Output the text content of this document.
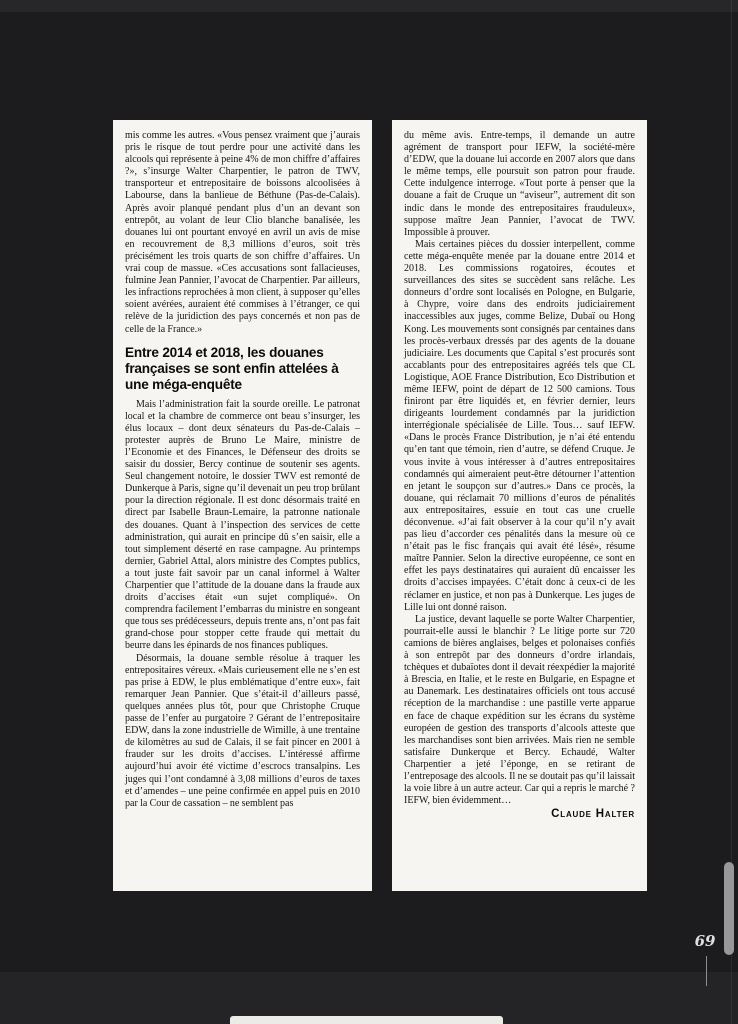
mis comme les autres. «Vous pensez vraiment que j’aurais pris le risque de tout perdre pour une activité dans les alcools qui représente à peine 4% de mon chiffre d’affaires ?», s’insurge Walter Charpentier, le patron de TWV, transporteur et entrepositaire de boissons alcoolisées à Labourse, dans la banlieue de Béthune (Pas-de-Calais). Après avoir planqué pendant plus d’un an devant son entrepôt, au volant de leur Clio blanche banalisée, les douanes lui ont pourtant envoyé en avril un avis de mise en recouvrement de 8,3 millions d’euros, soit très précisément les trois quarts de son chiffre d’affaires. Un vrai coup de massue. «Ces accusations sont fallacieuses, fulmine Jean Pannier, l’avocat de Charpentier. Par ailleurs, les infractions reprochées à mon client, à supposer qu’elles soient avérées, auraient été commises à l’étranger, ce qui relève de la juridiction des pays concernés et non pas de celle de la France.»

Entre 2014 et 2018, les douanes françaises se sont enfin attelées à une méga-enquête

Mais l’administration fait la sourde oreille. Le patronat local et la chambre de commerce ont beau s’insurger, les élus locaux – dont deux sénateurs du Pas-de-Calais – protester auprès de Bruno Le Maire, ministre de l’Economie et des Finances, le Défenseur des droits se saisir du dossier, Bercy continue de soutenir ses agents. Seul changement notoire, le dossier TWV est remonté de Dunkerque à Paris, signe qu’il devenait un peu trop brûlant pour la direction régionale. Il est donc désormais traité en direct par Isabelle Braun-Lemaire, la patronne nationale des douanes. Quant à l’inspection des services de cette administration, qui aurait en principe dû s’en saisir, elle a tout simplement déserté en rase campagne. Au printemps dernier, Gabriel Attal, alors ministre des Comptes publics, a tout juste fait savoir par un canal informel à Walter Charpentier que l’attitude de la douane dans la fraude aux droits d’accises était «un sujet compliqué». On comprendra facilement l’embarras du ministre en songeant que tous ses prédécesseurs, depuis trente ans, n’ont pas fait grand-chose pour stopper cette fraude qui mettait du beurre dans les épinards de nos finances publiques.

Désormais, la douane semble résolue à traquer les entrepositaires véreux. «Mais curieusement elle ne s’en est pas prise à EDW, le plus emblématique d’entre eux», fait remarquer Jean Pannier. Que s’était-il d’ailleurs passé, quelques années plus tôt, pour que Christophe Cruque passe de l’enfer au purgatoire ? Gérant de l’entrepositaire EDW, dans la zone industrielle de Wimille, à une trentaine de kilomètres au sud de Calais, il se fait pincer en 2001 à frauder sur les droits d’accises. L’intéressé affirme aujourd’hui avoir été victime d’escrocs transalpins. Les juges qui l’ont condamné à 3,08 millions d’euros de taxes et d’amendes – une peine confirmée en appel puis en 2010 par la Cour de cassation – ne semblent pas

du même avis. Entre-temps, il demande un autre agrément de transport pour IEFW, la société-mère d’EDW, que la douane lui accorde en 2007 alors que dans le même temps, elle poursuit son patron pour fraude. Cette indulgence interroge. «Tout porte à penser que la douane a fait de Cruque un “aviseur”, autrement dit son indic dans le monde des entrepositaires frauduleux», suppose maître Jean Pannier, l’avocat de TWV. Impossible à prouver.

Mais certaines pièces du dossier interpellent, comme cette méga-enquête menée par la douane entre 2014 et 2018. Les commissions rogatoires, écoutes et surveillances des sites se succèdent sans relâche. Les donneurs d’ordre sont localisés en Pologne, en Bulgarie, à Chypre, voire dans des endroits judiciairement inaccessibles aux juges, comme Belize, Dubaï ou Hong Kong. Les mouvements sont consignés par centaines dans les procès-verbaux dressés par des agents de la douane judiciaire. Les documents que Capital s’est procurés sont accablants pour des entrepositaires agréés tels que CL Logistique, AOE France Distribution, Eco Distribution et même IEFW, point de départ de 12 500 camions. Tous finiront par être liquidés et, en février dernier, leurs dirigeants lourdement condamnés par la juridiction interrégionale spécialisée de Lille. Tous… sauf IEFW. «Dans le procès France Distribution, je n’ai été entendu qu’en tant que témoin, rien d’autre, se défend Cruque. Je vous invite à vous intéresser à d’autres entrepositaires condamnés qui aimeraient peut-être détourner l’attention en jetant le soupçon sur d’autres.» Dans ce procès, la douane, qui réclamait 70 millions d’euros de pénalités aux entrepositaires, essuie en tout cas une cruelle déconvenue. «J’ai fait observer à la cour qu’il n’y avait pas lieu d’accorder ces pénalités dans la mesure où ce n’était pas le fisc français qui avait été lésé», résume maître Pannier. Selon la directive européenne, ce sont en effet les pays destinataires qui auraient dû encaisser les droits d’accises impayées. C’était donc à ceux-ci de les réclamer en justice, et non pas à Dunkerque. Les juges de Lille lui ont donné raison.

La justice, devant laquelle se porte Walter Charpentier, pourrait-elle aussi le blanchir ? Le litige porte sur 720 camions de bières anglaises, belges et polonaises confiés à son entrepôt par des donneurs d’ordre irlandais, tchèques et dubaïotes dont il devait réexpédier la majorité à Brescia, en Italie, et le reste en Bulgarie, en Espagne et au Danemark. Les destinataires officiels ont tous accusé réception de la marchandise : une pastille verte apparue en face de chaque expédition sur les écrans du système européen de gestion des transports d’alcools atteste que les marchandises sont bien arrivées. Mais rien ne semble satisfaire Dunkerque et Bercy. Echaudé, Walter Charpentier a jeté l’éponge, en se retirant de l’entreposage des alcools. Il ne se doutait pas qu’il laissait la voie libre à un autre acteur. Car qui a repris le marché ? IEFW, bien évidemment…

Claude Halter

69
